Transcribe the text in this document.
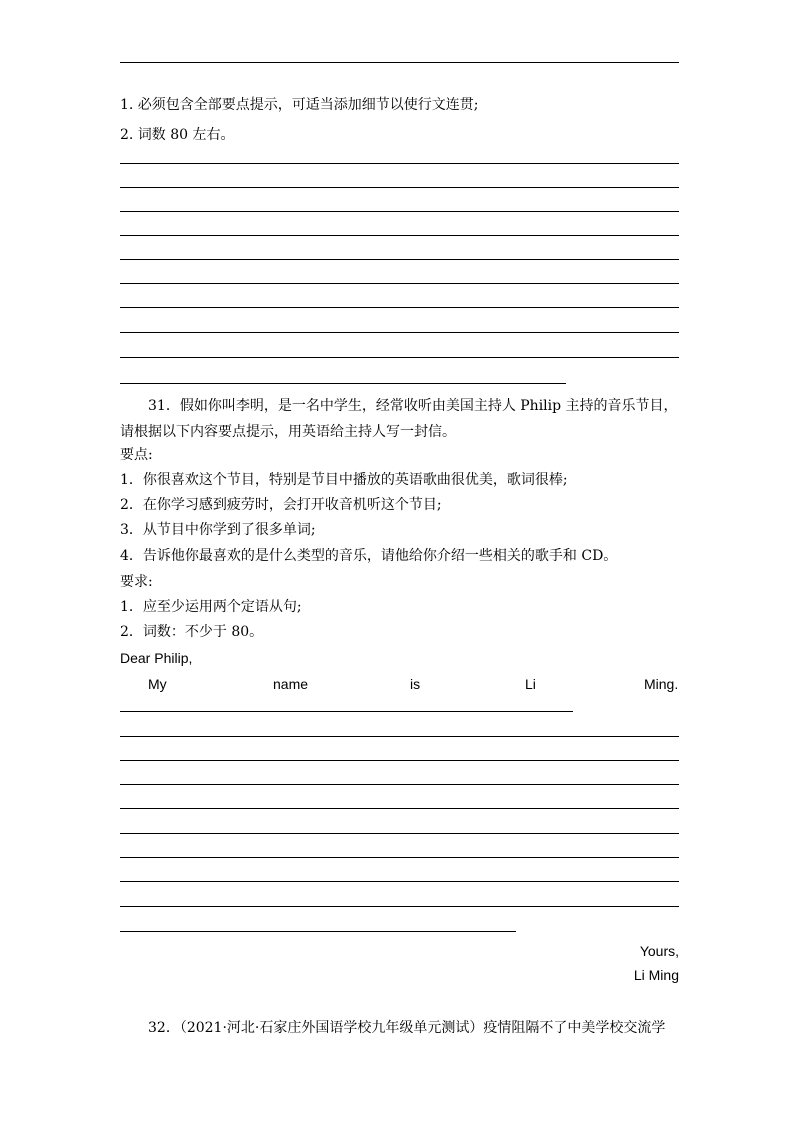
1. 必须包含全部要点提示，可适当添加细节以使行文连贯;
2. 词数 80 左右。
31．假如你叫李明，是一名中学生，经常收听由美国主持人 Philip 主持的音乐节目，
请根据以下内容要点提示，用英语给主持人写一封信。
要点:
1．你很喜欢这个节目，特别是节目中播放的英语歌曲很优美，歌词很棒;
2．在你学习感到疲劳时，会打开收音机听这个节目;
3．从节目中你学到了很多单词;
4．告诉他你最喜欢的是什么类型的音乐，请他给你介绍一些相关的歌手和 CD。
要求:
1．应至少运用两个定语从句;
2．词数：不少于 80。
Dear Philip,
My	name	is	Li	Ming.
Yours,
Li Ming
32．（2021·河北·石家庄外国语学校九年级单元测试）疫情阻隔不了中美学校交流学
